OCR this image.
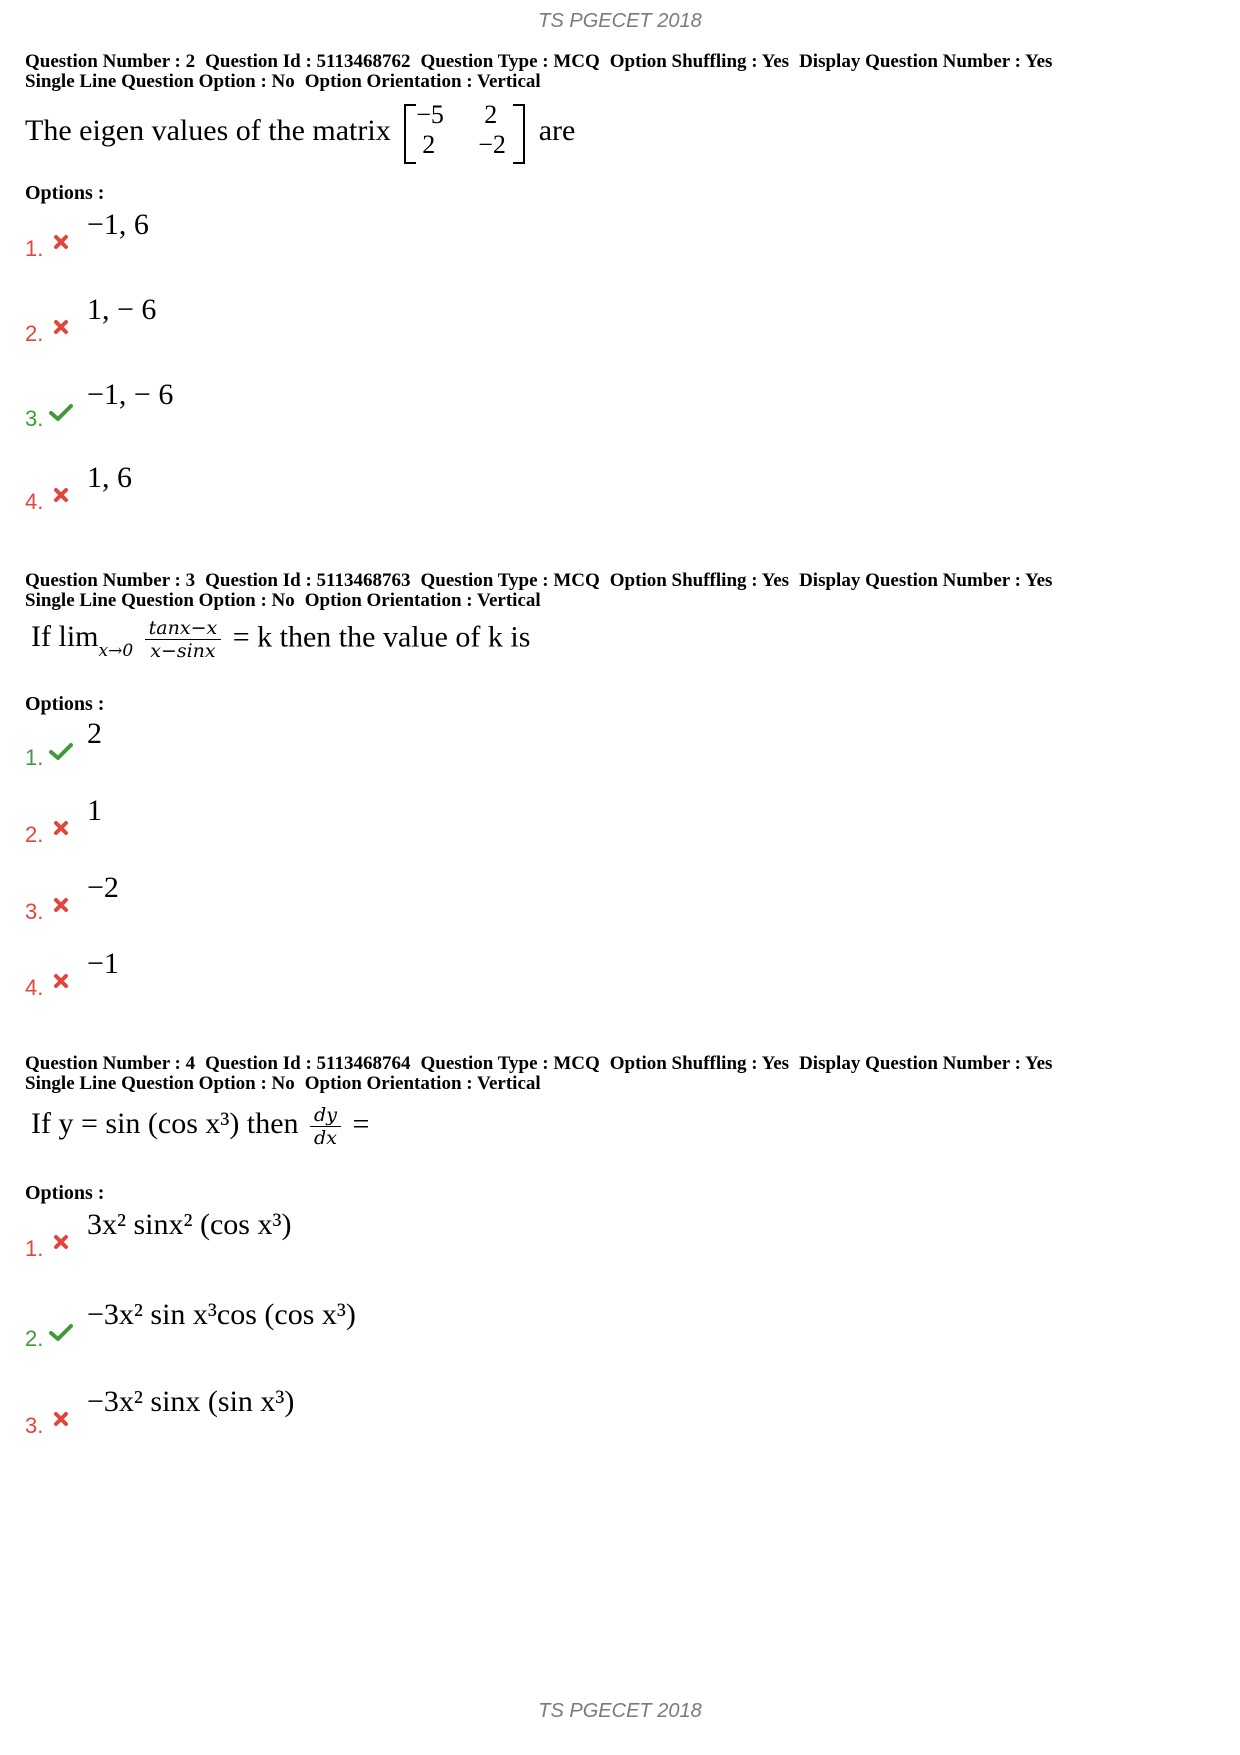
TS PGECET 2018
Question Number : 2 Question Id : 5113468762 Question Type : MCQ Option Shuffling : Yes Display Question Number : Yes
Single Line Question Option : No Option Orientation : Vertical
The eigen values of the matrix −5 2
2 −2 are
Options :
1.
−1, 6
2.
1, − 6
3.
−1, − 6
4.
1, 6
Question Number : 3 Question Id : 5113468763 Question Type : MCQ Option Shuffling : Yes Display Question Number : Yes
Single Line Question Option : No Option Orientation : Vertical
If $\lim_{x\to 0} \frac{\tan x-x}{x-\sin x} = k$ then the value of k is
Options :
1.
2
2.
1
3.
−2
4.
−1
Question Number : 4 Question Id : 5113468764 Question Type : MCQ Option Shuffling : Yes Display Question Number : Yes
Single Line Question Option : No Option Orientation : Vertical
If y = sin (cos x³) then $\frac{dy}{dx}$ =
Options :
1.
3x² sinx² (cos x³)
2.
−3x² sin x³cos (cos x³)
3.
−3x² sinx (sin x³)
TS PGECET 2018
